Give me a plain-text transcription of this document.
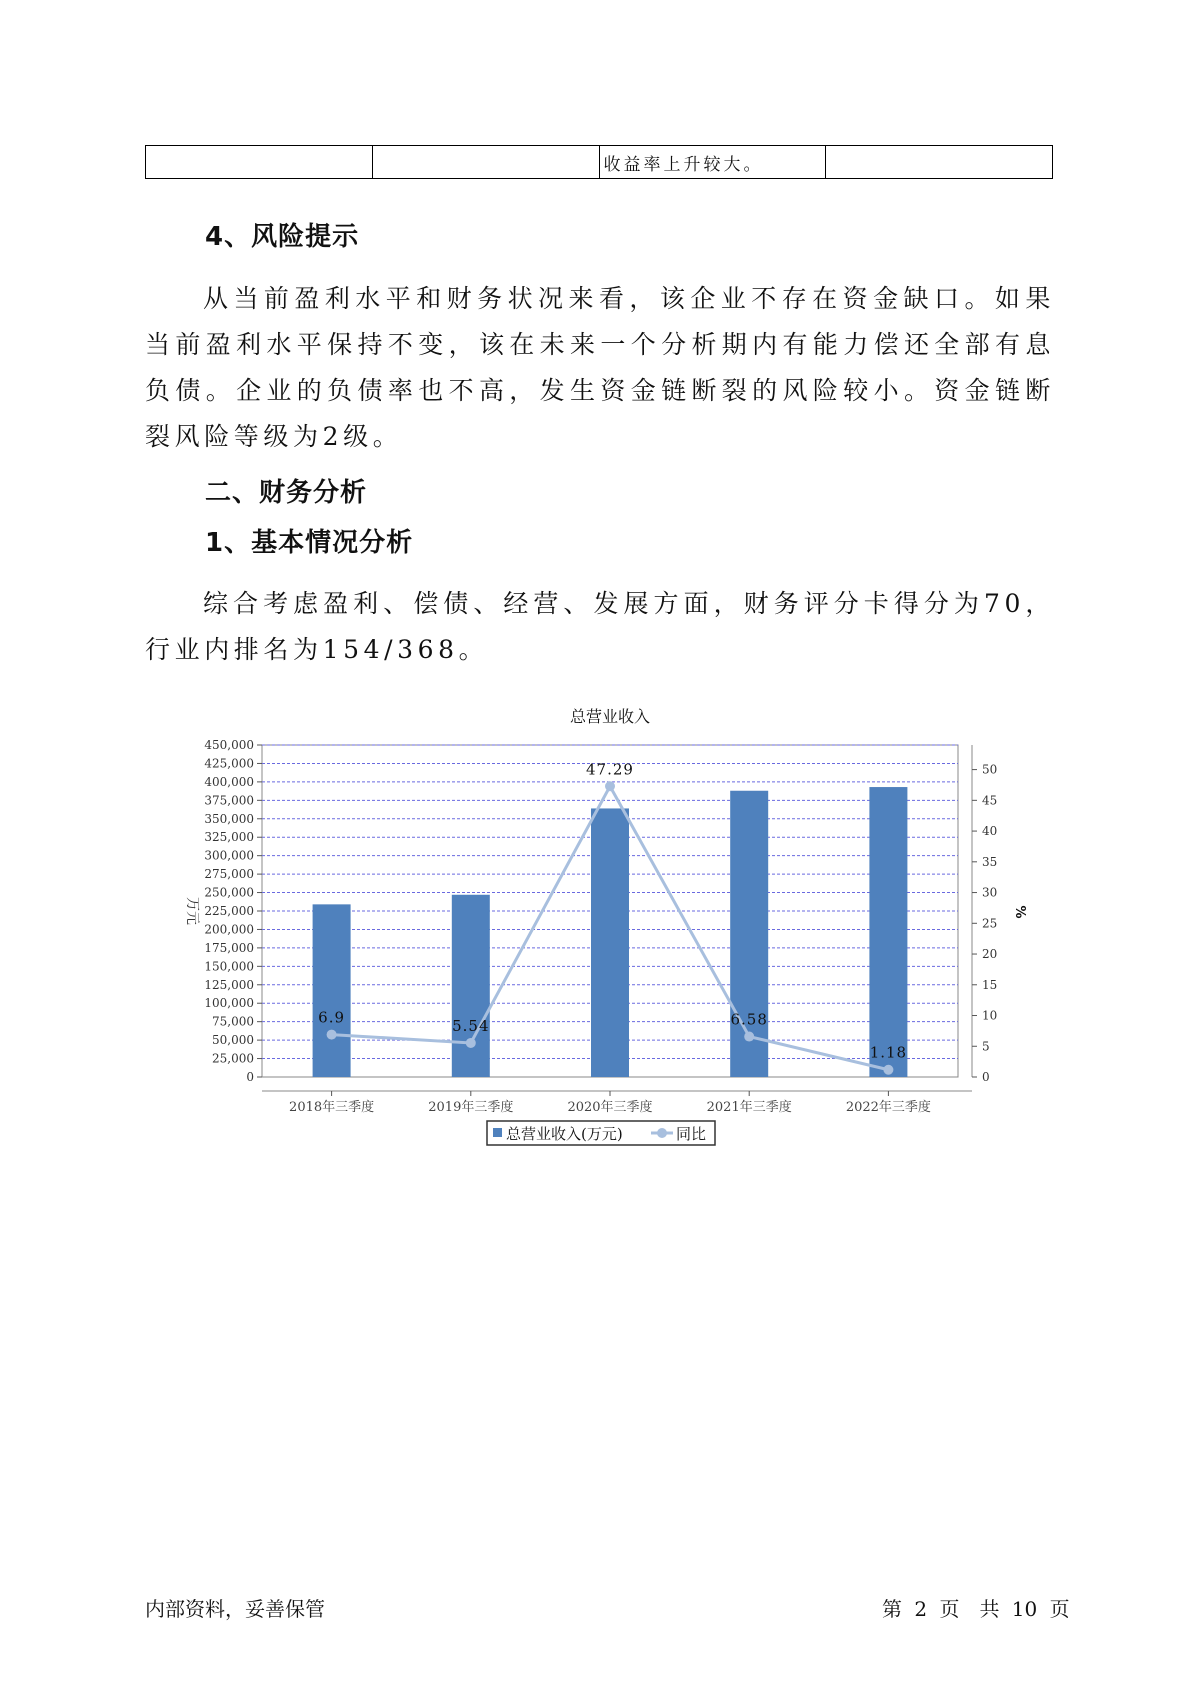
		收益率上升较大。	
4、风险提示

从当前盈利水平和财务状况来看，该企业不存在资金缺口。如果当前盈利水平保持不变，该在未来一个分析期内有能力偿还全部有息负债。企业的负债率也不高，发生资金链断裂的风险较小。资金链断裂风险等级为2级。

二、财务分析
1、基本情况分析

综合考虑盈利、偿债、经营、发展方面，财务评分卡得分为70，行业内排名为154/368。

总营业收入
0
25,000
50,000
75,000
100,000
125,000
150,000
175,000
200,000
225,000
250,000
275,000
300,000
325,000
350,000
375,000
400,000
425,000
450,000
0
5
10
15
20
25
30
35
40
45
50
万元	%
2018年三季度	2019年三季度	2020年三季度	2021年三季度	2022年三季度
6.9	5.54
47.29
6.58
1.18
总营业收入(万元)	同比
内部资料，妥善保管	第 2 页　共 10 页
